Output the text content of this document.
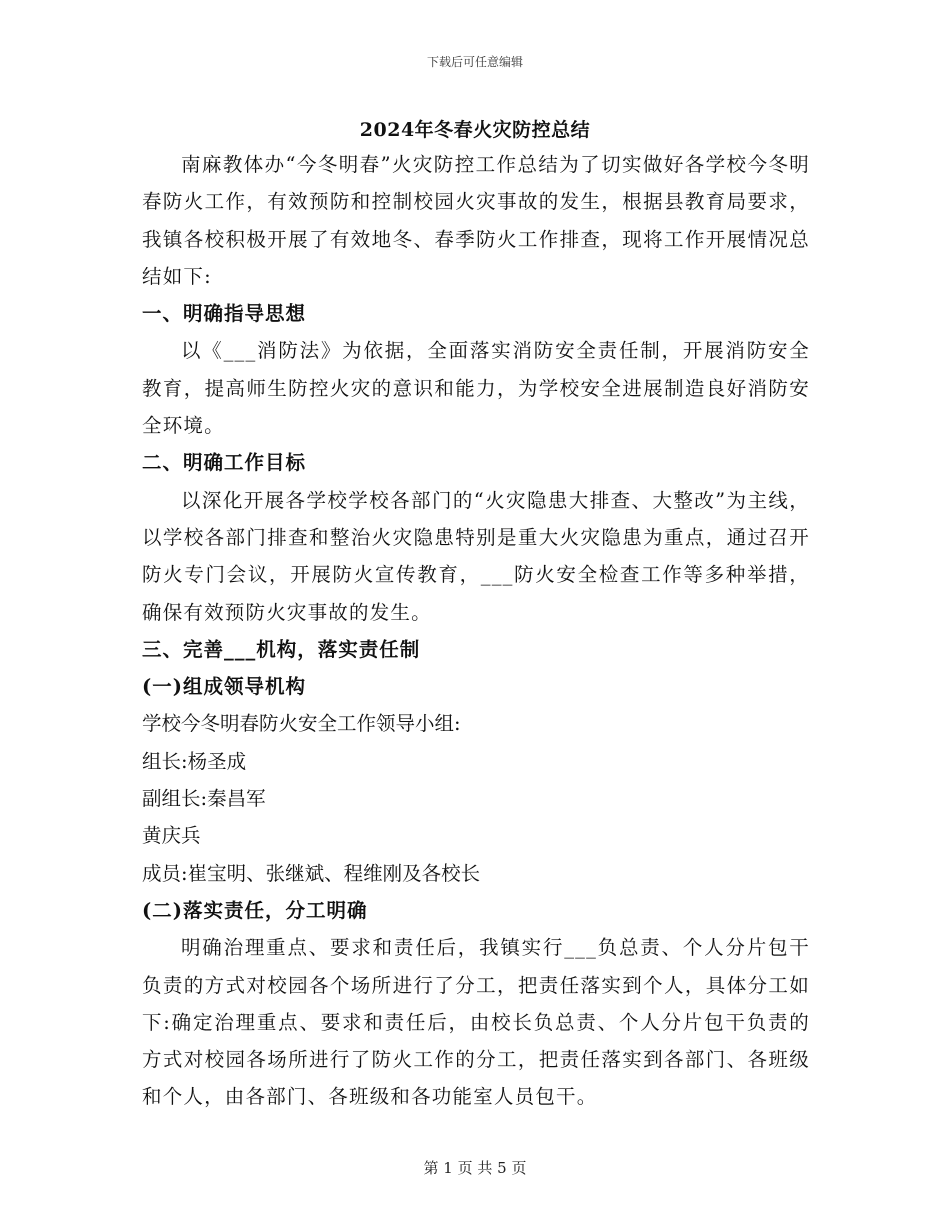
下载后可任意编辑
2024年冬春火灾防控总结

南麻教体办“今冬明春”火灾防控工作总结为了切实做好各学校今冬明春防火工作，有效预防和控制校园火灾事故的发生，根据县教育局要求，我镇各校积极开展了有效地冬、春季防火工作排查，现将工作开展情况总结如下:

一、明确指导思想

以《___消防法》为依据，全面落实消防安全责任制，开展消防安全教育，提高师生防控火灾的意识和能力，为学校安全进展制造良好消防安全环境。

二、明确工作目标

以深化开展各学校学校各部门的“火灾隐患大排查、大整改”为主线，以学校各部门排查和整治火灾隐患特别是重大火灾隐患为重点，通过召开防火专门会议，开展防火宣传教育，___防火安全检查工作等多种举措，确保有效预防火灾事故的发生。

三、完善___机构，落实责任制

(一)组成领导机构

学校今冬明春防火安全工作领导小组:

组长:杨圣成

副组长:秦昌军

黄庆兵

成员:崔宝明、张继斌、程维刚及各校长

(二)落实责任，分工明确

明确治理重点、要求和责任后，我镇实行___负总责、个人分片包干负责的方式对校园各个场所进行了分工，把责任落实到个人，具体分工如下:确定治理重点、要求和责任后，由校长负总责、个人分片包干负责的方式对校园各场所进行了防火工作的分工，把责任落实到各部门、各班级和个人，由各部门、各班级和各功能室人员包干。

第 1 页 共 5 页
